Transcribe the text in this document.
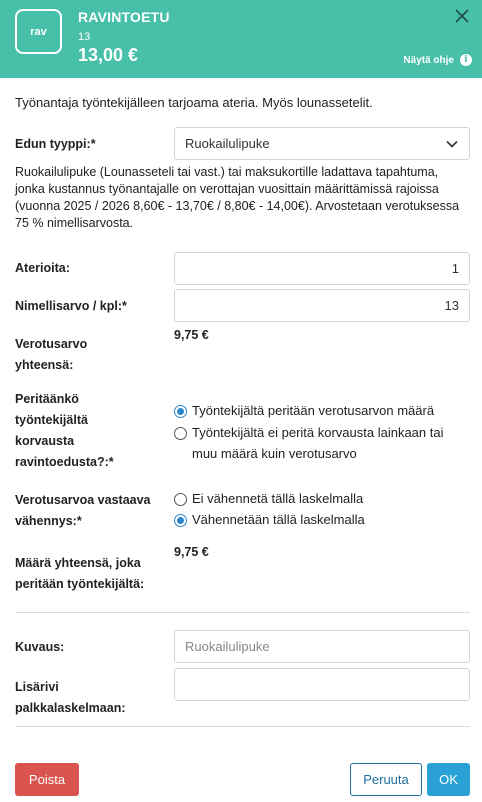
rav
RAVINTOETU
13
13,00 €	Näytä ohje	i
Työnantaja työntekijälleen tarjoama ateria. Myös lounassetelit.
Edun tyyppi:*	Ruokailulipuke
Ruokailulipuke (Lounasseteli tai vast.) tai maksukortille ladattava tapahtuma, jonka kustannus työnantajalle on verottajan vuosittain määrittämissä rajoissa (vuonna 2025 / 2026 8,60€ - 13,70€ / 8,80€ - 14,00€). Arvostetaan verotuksessa 75 % nimellisarvosta.
Aterioita:
1
Nimellisarvo / kpl:*
13
Verotusarvo yhteensä:
9,75 €
Peritäänkö työntekijältä korvausta ravintoedusta?:*
Työntekijältä peritään verotusarvon määrä
Työntekijältä ei peritä korvausta lainkaan tai muu määrä kuin verotusarvo
Verotusarvoa vastaava vähennys:*
Ei vähennetä tällä laskelmalla
Vähennetään tällä laskelmalla
Määrä yhteensä, joka peritään työntekijältä:
9,75 €
Kuvaus:
Ruokailulipuke
Lisärivi palkkalaskelmaan:
Poista	Peruuta	OK
